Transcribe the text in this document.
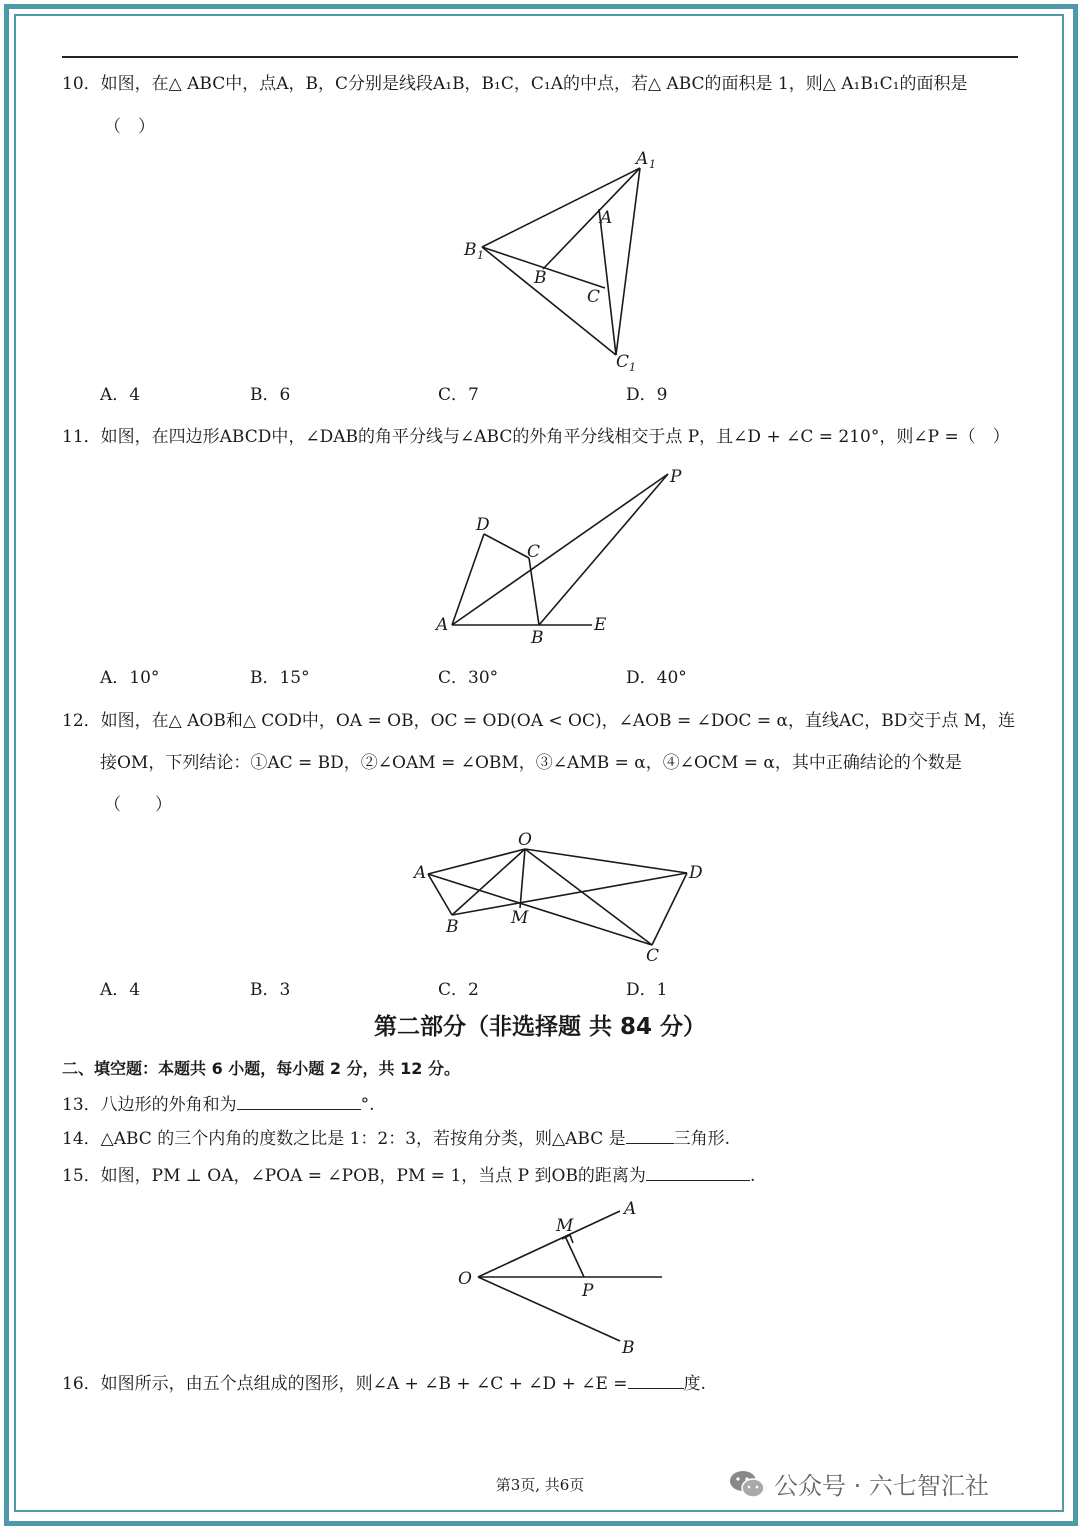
10．如图，在△ ABC中，点A，B，C分别是线段A₁B，B₁C，C₁A的中点，若△ ABC的面积是 1，则△ A₁B₁C₁的面积是
（　）
A 1
B 1
C 1
A
B
C
A．4	B．6	C．7	D．9
11．如图，在四边形ABCD中，∠DAB的角平分线与∠ABC的外角平分线相交于点 P，且∠D + ∠C = 210°，则∠P =（　）
P
D
C
A
B
E
A．10°	B．15°	C．30°	D．40°
12．如图，在△ AOB和△ COD中，OA = OB，OC = OD(OA < OC)，∠AOB = ∠DOC = α，直线AC，BD交于点 M，连
接OM，下列结论：①AC = BD，②∠OAM = ∠OBM，③∠AMB = α，④∠OCM = α，其中正确结论的个数是
（　　）
O
A	D
B	M
C
A．4	B．3	C．2	D．1
第二部分（非选择题 共 84 分）
二、填空题：本题共 6 小题，每小题 2 分，共 12 分。
13．八边形的外角和为	°.
14．△ABC 的三个内角的度数之比是 1：2：3，若按角分类，则△ABC 是	三角形.
15．如图，PM ⊥ OA，∠POA = ∠POB，PM = 1，当点 P 到OB的距离为	.
M
A
O
P
B
16．如图所示，由五个点组成的图形，则∠A + ∠B + ∠C + ∠D + ∠E =	度.
第3页, 共6页	公众号 · 六七智汇社
